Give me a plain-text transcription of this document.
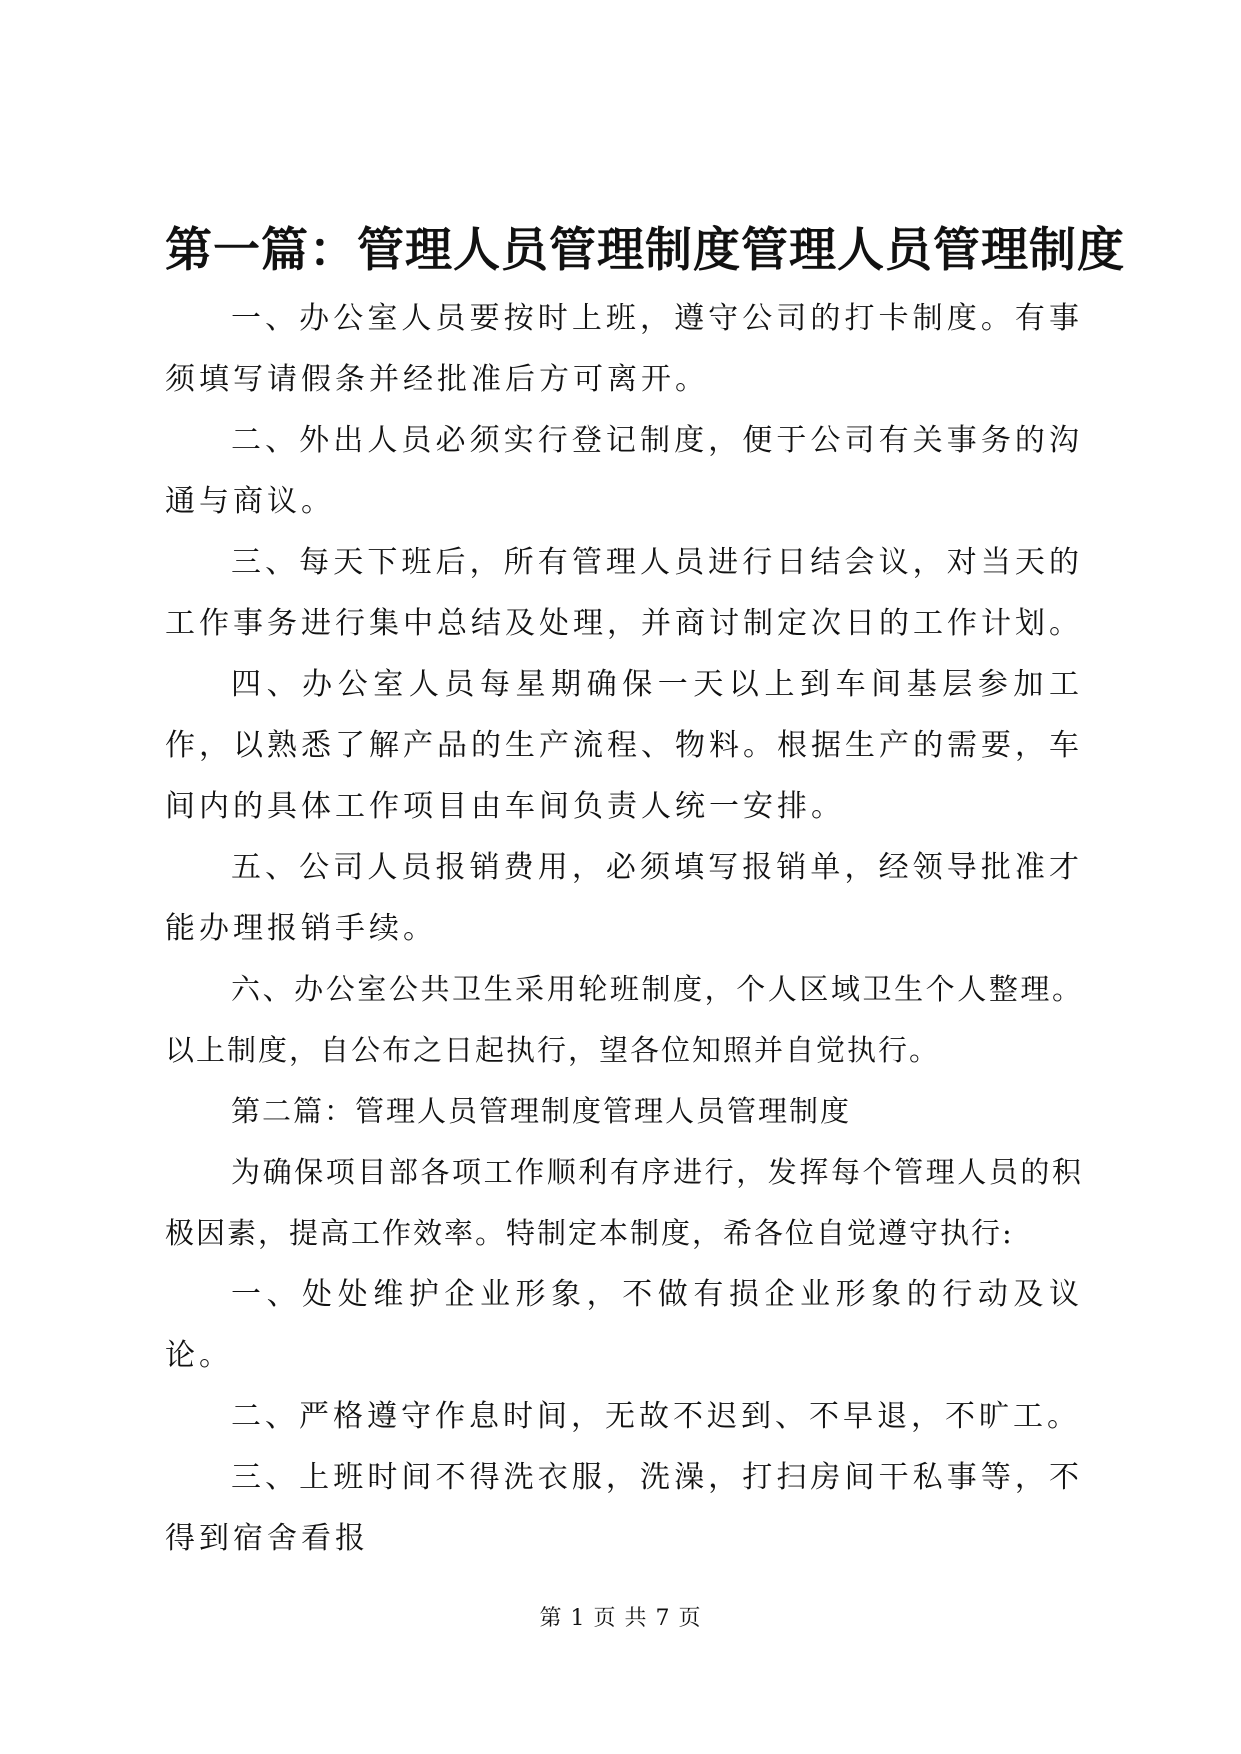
第一篇：管理人员管理制度管理人员管理制度

一、办公室人员要按时上班，遵守公司的打卡制度。有事须填写请假条并经批准后方可离开。

二、外出人员必须实行登记制度，便于公司有关事务的沟通与商议。

三、每天下班后，所有管理人员进行日结会议，对当天的工作事务进行集中总结及处理，并商讨制定次日的工作计划。

四、办公室人员每星期确保一天以上到车间基层参加工作，以熟悉了解产品的生产流程、物料。根据生产的需要，车间内的具体工作项目由车间负责人统一安排。

五、公司人员报销费用，必须填写报销单，经领导批准才能办理报销手续。

六、办公室公共卫生采用轮班制度，个人区域卫生个人整理。以上制度，自公布之日起执行，望各位知照并自觉执行。

第二篇：管理人员管理制度管理人员管理制度

为确保项目部各项工作顺利有序进行，发挥每个管理人员的积极因素，提高工作效率。特制定本制度，希各位自觉遵守执行:

一、处处维护企业形象，不做有损企业形象的行动及议论。

二、严格遵守作息时间，无故不迟到、不早退，不旷工。

三、上班时间不得洗衣服，洗澡，打扫房间干私事等，不得到宿舍看报

第 1 页 共 7 页
